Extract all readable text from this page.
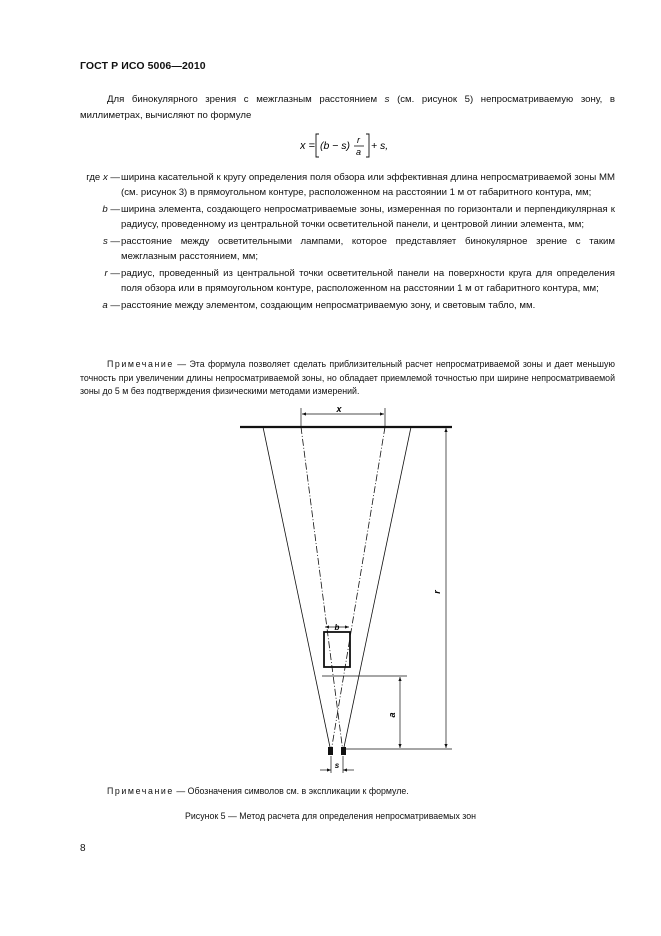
ГОСТ Р ИСО 5006—2010
Для бинокулярного зрения с межглазным расстоянием s (см. рисунок 5) непросматриваемую зону, в миллиметрах, вычисляют по формуле
x = (b − s) r
a + s,
где x — ширина касательной к кругу определения поля обзора или эффективная длина непросматриваемой зоны MM (см. рисунок 3) в прямоугольном контуре, расположенном на расстоянии 1 м от габаритного контура, мм;
b — ширина элемента, создающего непросматриваемые зоны, измеренная по горизонтали и перпендикулярная к радиусу, проведенному из центральной точки осветительной панели, и центровой линии элемента, мм;
s — расстояние между осветительными лампами, которое представляет бинокулярное зрение с таким межглазным расстоянием, мм;
r — радиус, проведенный из центральной точки осветительной панели на поверхности круга для определения поля обзора или в прямоугольном контуре, расположенном на расстоянии 1 м от габаритного контура, мм;
a — расстояние между элементом, создающим непросматриваемую зону, и световым табло, мм.
Примечание — Эта формула позволяет сделать приблизительный расчет непросматриваемой зоны и дает меньшую точность при увеличении длины непросматриваемой зоны, но обладает приемлемой точностью при ширине непросматриваемой зоны до 5 м без подтверждения физическими методами измерений.
x
b
r
a
s
Примечание — Обозначения символов см. в экспликации к формуле.
Рисунок 5 — Метод расчета для определения непросматриваемых зон
8
